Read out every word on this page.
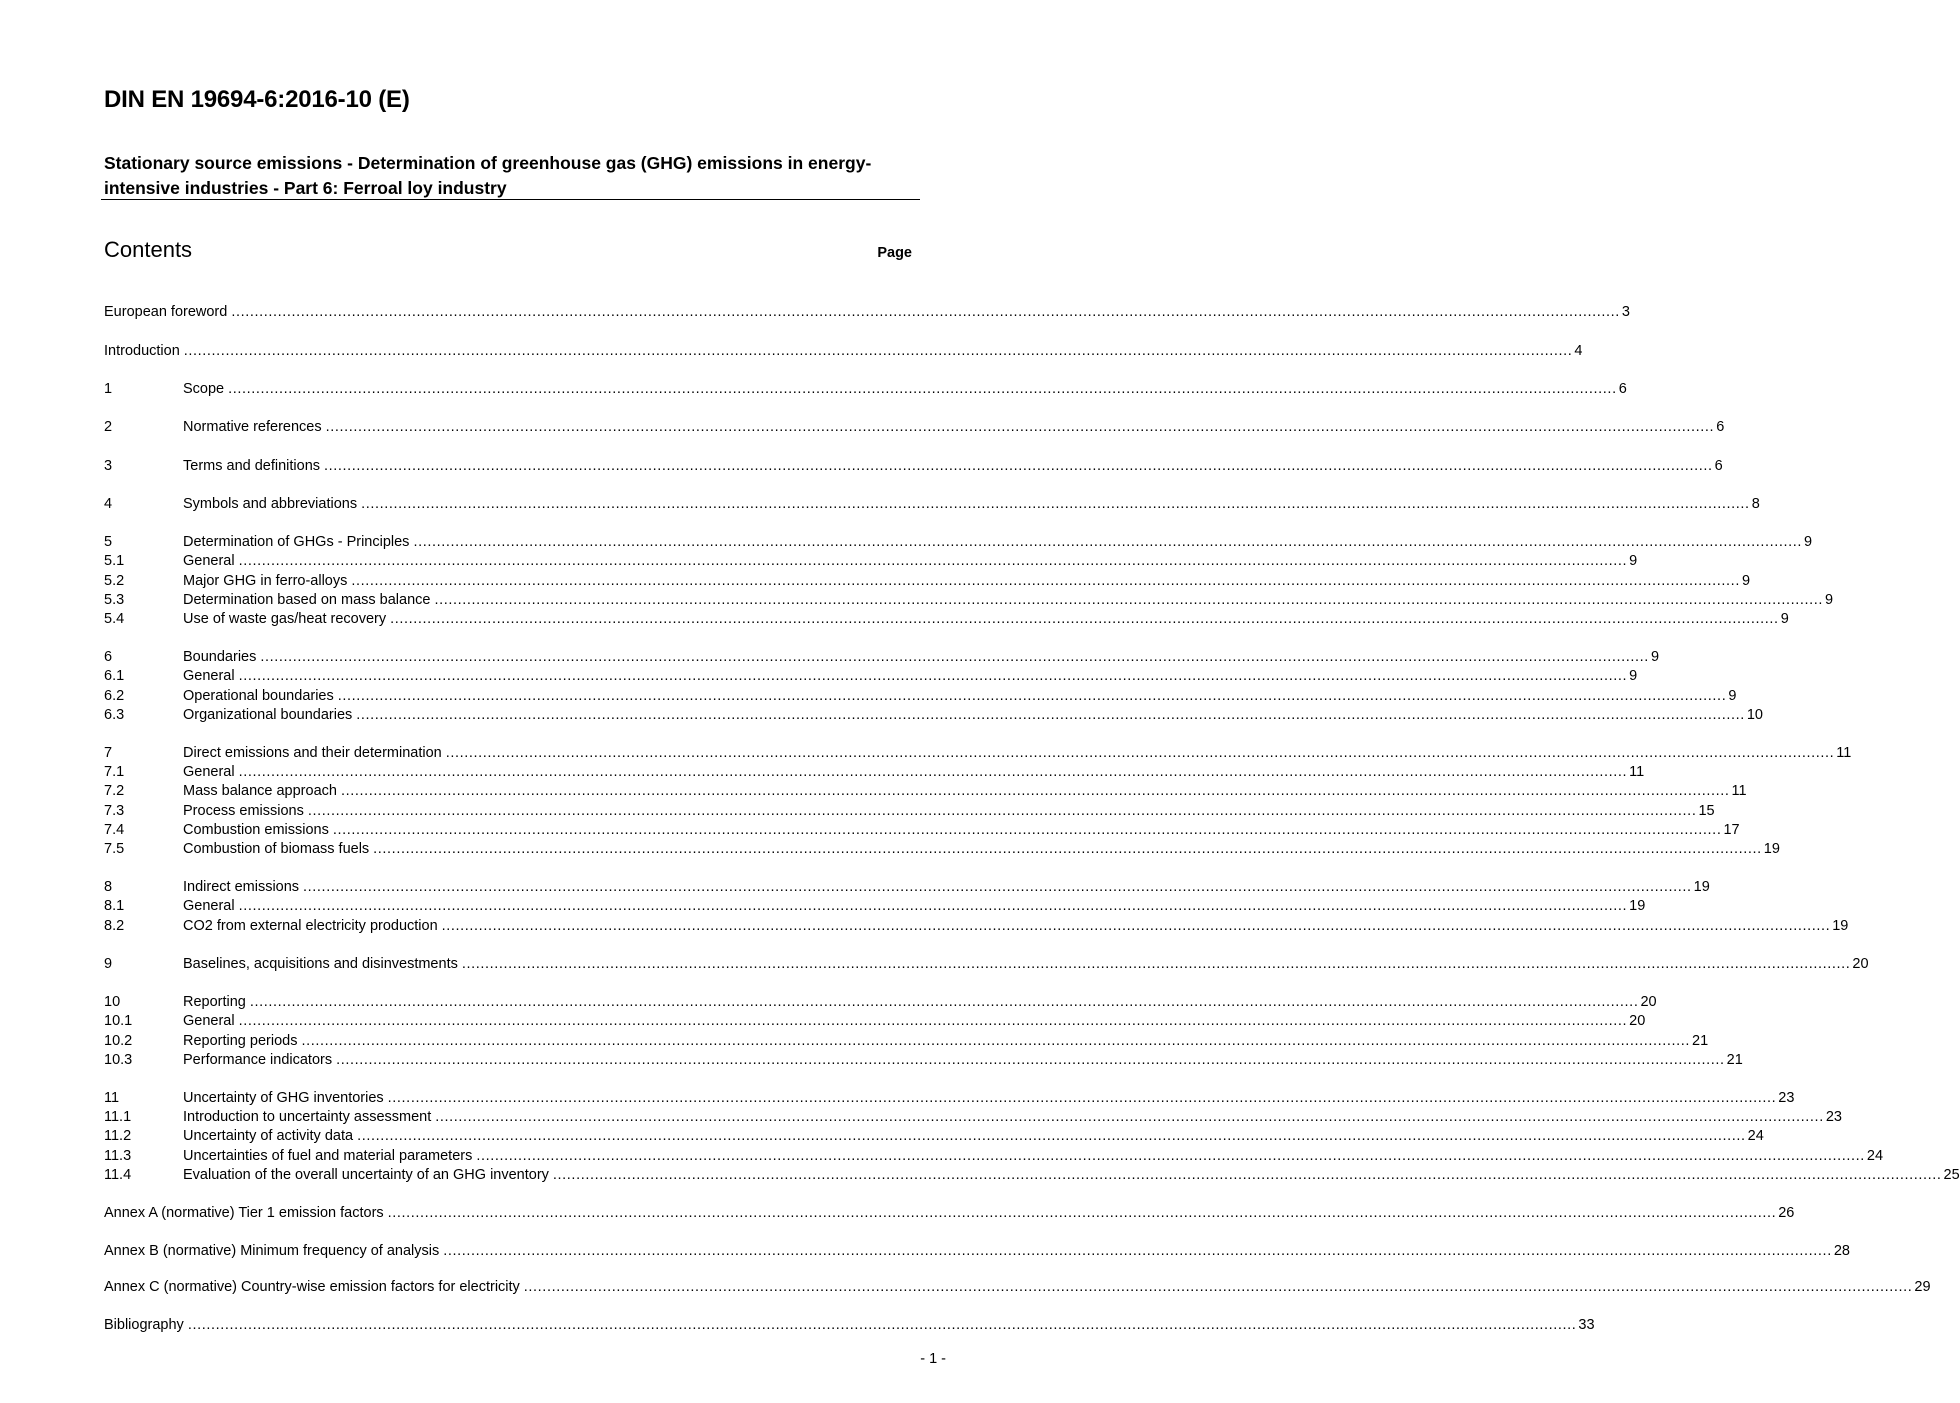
DIN EN 19694-6:2016-10 (E)
Stationary source emissions - Determination of greenhouse gas (GHG) emissions in energy-intensive industries - Part 6: Ferroal loy industry
Contents	Page
European foreword ............................................................................................................................................................................................................................................................................................................ 3
Introduction ............................................................................................................................................................................................................................................................................................................ 4
1	Scope ............................................................................................................................................................................................................................................................................................................ 6
2	Normative references ............................................................................................................................................................................................................................................................................................................ 6
3	Terms and definitions ............................................................................................................................................................................................................................................................................................................ 6
4	Symbols and abbreviations ............................................................................................................................................................................................................................................................................................................ 8
5	Determination of GHGs - Principles ............................................................................................................................................................................................................................................................................................................ 9
5.1	General ............................................................................................................................................................................................................................................................................................................ 9
5.2	Major GHG in ferro-alloys ............................................................................................................................................................................................................................................................................................................ 9
5.3	Determination based on mass balance ............................................................................................................................................................................................................................................................................................................ 9
5.4	Use of waste gas/heat recovery ............................................................................................................................................................................................................................................................................................................ 9
6	Boundaries ............................................................................................................................................................................................................................................................................................................ 9
6.1	General ............................................................................................................................................................................................................................................................................................................ 9
6.2	Operational boundaries ............................................................................................................................................................................................................................................................................................................ 9
6.3	Organizational boundaries ............................................................................................................................................................................................................................................................................................................ 10
7	Direct emissions and their determination ............................................................................................................................................................................................................................................................................................................ 11
7.1	General ............................................................................................................................................................................................................................................................................................................ 11
7.2	Mass balance approach ............................................................................................................................................................................................................................................................................................................ 11
7.3	Process emissions ............................................................................................................................................................................................................................................................................................................ 15
7.4	Combustion emissions ............................................................................................................................................................................................................................................................................................................ 17
7.5	Combustion of biomass fuels ............................................................................................................................................................................................................................................................................................................ 19
8	Indirect emissions ............................................................................................................................................................................................................................................................................................................ 19
8.1	General ............................................................................................................................................................................................................................................................................................................ 19
8.2	CO2 from external electricity production ............................................................................................................................................................................................................................................................................................................ 19
9	Baselines, acquisitions and disinvestments ............................................................................................................................................................................................................................................................................................................ 20
10	Reporting ............................................................................................................................................................................................................................................................................................................ 20
10.1	General ............................................................................................................................................................................................................................................................................................................ 20
10.2	Reporting periods ............................................................................................................................................................................................................................................................................................................ 21
10.3	Performance indicators ............................................................................................................................................................................................................................................................................................................ 21
11	Uncertainty of GHG inventories ............................................................................................................................................................................................................................................................................................................ 23
11.1	Introduction to uncertainty assessment ............................................................................................................................................................................................................................................................................................................ 23
11.2	Uncertainty of activity data ............................................................................................................................................................................................................................................................................................................ 24
11.3	Uncertainties of fuel and material parameters ............................................................................................................................................................................................................................................................................................................ 24
11.4	Evaluation of the overall uncertainty of an GHG inventory ............................................................................................................................................................................................................................................................................................................ 25
Annex A (normative) Tier 1 emission factors ............................................................................................................................................................................................................................................................................................................ 26
Annex B (normative) Minimum frequency of analysis ............................................................................................................................................................................................................................................................................................................ 28
Annex C (normative) Country-wise emission factors for electricity ............................................................................................................................................................................................................................................................................................................ 29
Bibliography ............................................................................................................................................................................................................................................................................................................ 33
- 1 -
